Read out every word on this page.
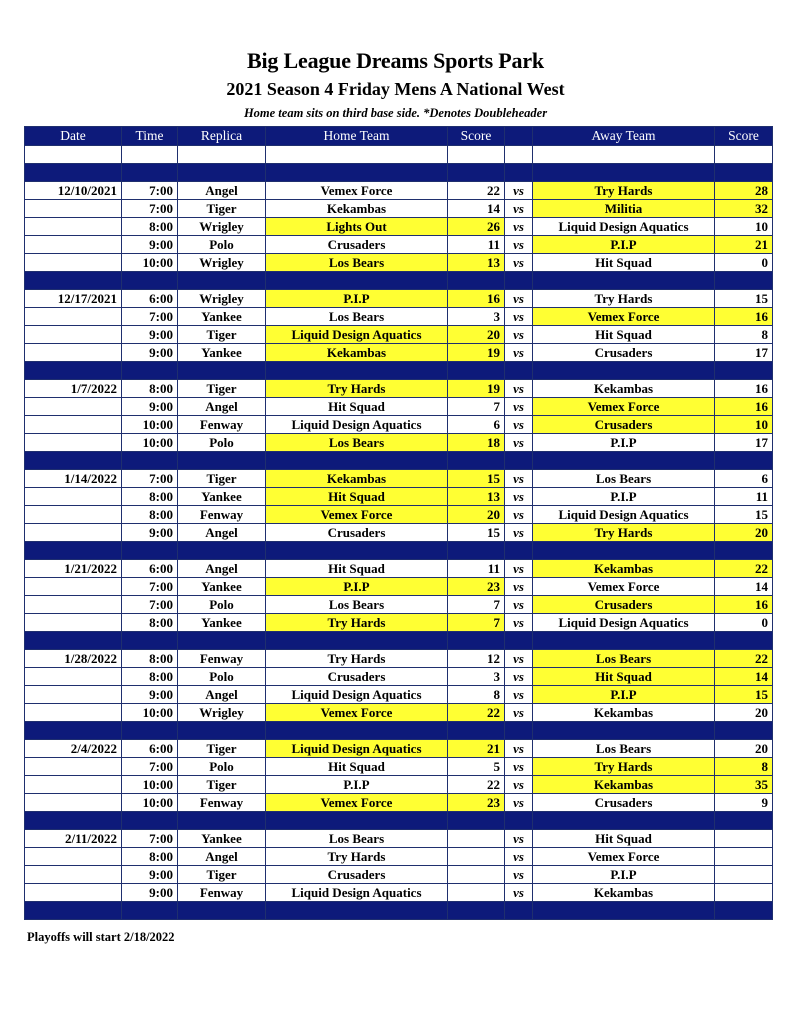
Big League Dreams Sports Park
2021 Season 4 Friday Mens A National West
Home team sits on third base side. *Denotes Doubleheader
Date	Time	Replica	Home Team	Score		Away Team	Score

12/10/2021	7:00	Angel	Vemex Force	22	vs	Try Hards	28
	7:00	Tiger	Kekambas	14	vs	Militia	32
	8:00	Wrigley	Lights Out	26	vs	Liquid Design Aquatics	10
	9:00	Polo	Crusaders	11	vs	P.I.P	21
	10:00	Wrigley	Los Bears	13	vs	Hit Squad	0

12/17/2021	6:00	Wrigley	P.I.P	16	vs	Try Hards	15
	7:00	Yankee	Los Bears	3	vs	Vemex Force	16
	9:00	Tiger	Liquid Design Aquatics	20	vs	Hit Squad	8
	9:00	Yankee	Kekambas	19	vs	Crusaders	17

1/7/2022	8:00	Tiger	Try Hards	19	vs	Kekambas	16
	9:00	Angel	Hit Squad	7	vs	Vemex Force	16
	10:00	Fenway	Liquid Design Aquatics	6	vs	Crusaders	10
	10:00	Polo	Los Bears	18	vs	P.I.P	17

1/14/2022	7:00	Tiger	Kekambas	15	vs	Los Bears	6
	8:00	Yankee	Hit Squad	13	vs	P.I.P	11
	8:00	Fenway	Vemex Force	20	vs	Liquid Design Aquatics	15
	9:00	Angel	Crusaders	15	vs	Try Hards	20

1/21/2022	6:00	Angel	Hit Squad	11	vs	Kekambas	22
	7:00	Yankee	P.I.P	23	vs	Vemex Force	14
	7:00	Polo	Los Bears	7	vs	Crusaders	16
	8:00	Yankee	Try Hards	7	vs	Liquid Design Aquatics	0

1/28/2022	8:00	Fenway	Try Hards	12	vs	Los Bears	22
	8:00	Polo	Crusaders	3	vs	Hit Squad	14
	9:00	Angel	Liquid Design Aquatics	8	vs	P.I.P	15
	10:00	Wrigley	Vemex Force	22	vs	Kekambas	20

2/4/2022	6:00	Tiger	Liquid Design Aquatics	21	vs	Los Bears	20
	7:00	Polo	Hit Squad	5	vs	Try Hards	8
	10:00	Tiger	P.I.P	22	vs	Kekambas	35
	10:00	Fenway	Vemex Force	23	vs	Crusaders	9

2/11/2022	7:00	Yankee	Los Bears		vs	Hit Squad	
	8:00	Angel	Try Hards		vs	Vemex Force	
	9:00	Tiger	Crusaders		vs	P.I.P	
	9:00	Fenway	Liquid Design Aquatics		vs	Kekambas	

Playoffs will start 2/18/2022
